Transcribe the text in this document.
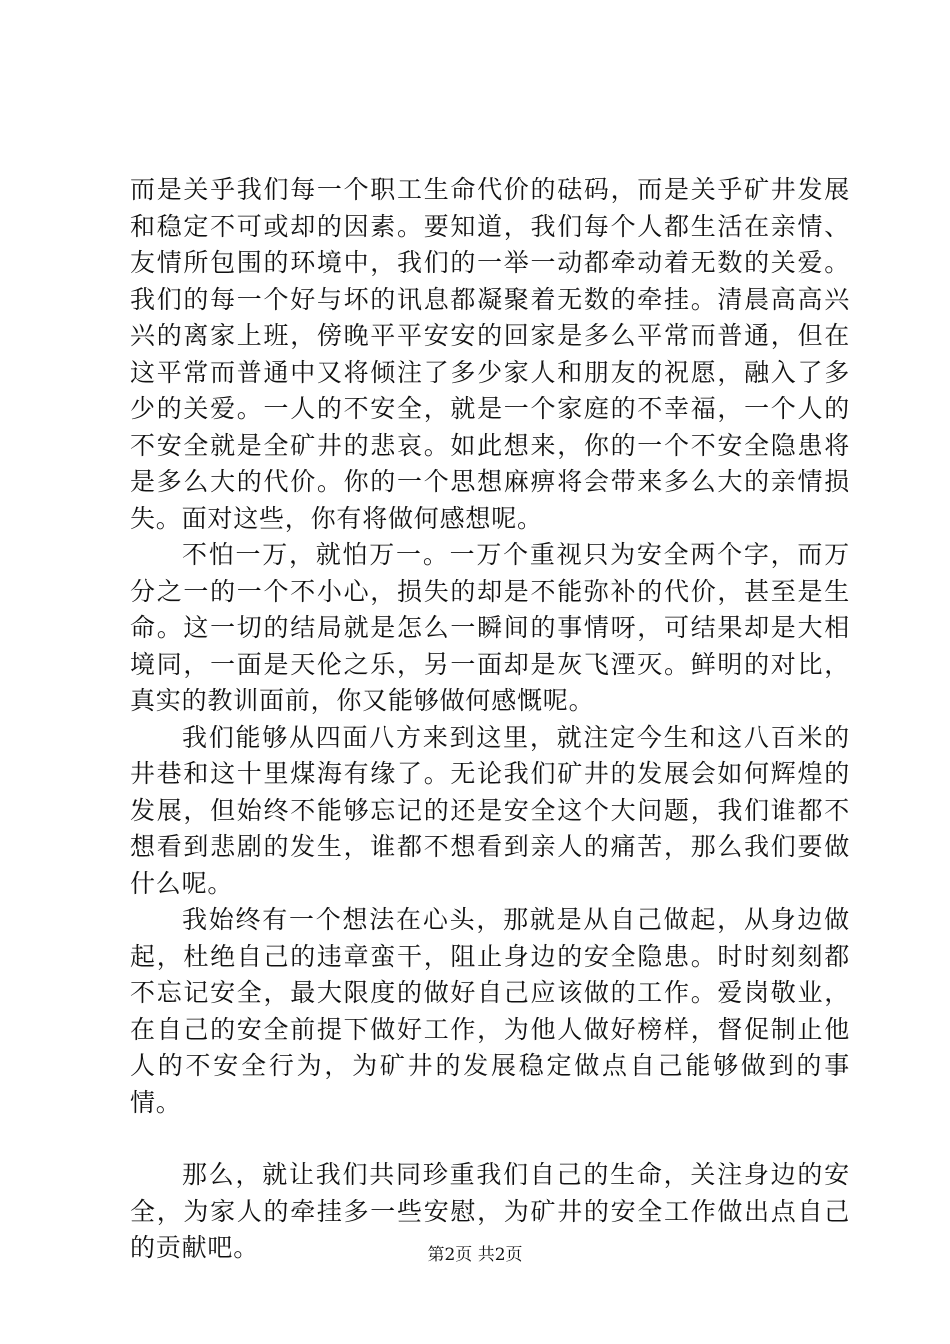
而是关乎我们每一个职工生命代价的砝码，而是关乎矿井发展和稳定不可或却的因素。要知道，我们每个人都生活在亲情、友情所包围的环境中，我们的一举一动都牵动着无数的关爱。我们的每一个好与坏的讯息都凝聚着无数的牵挂。清晨高高兴兴的离家上班，傍晚平平安安的回家是多么平常而普通，但在这平常而普通中又将倾注了多少家人和朋友的祝愿，融入了多少的关爱。一人的不安全，就是一个家庭的不幸福，一个人的不安全就是全矿井的悲哀。如此想来，你的一个不安全隐患将是多么大的代价。你的一个思想麻痹将会带来多么大的亲情损失。面对这些，你有将做何感想呢。

不怕一万，就怕万一。一万个重视只为安全两个字，而万分之一的一个不小心，损失的却是不能弥补的代价，甚至是生命。这一切的结局就是怎么一瞬间的事情呀，可结果却是大相境同，一面是天伦之乐，另一面却是灰飞湮灭。鲜明的对比，真实的教训面前，你又能够做何感慨呢。

我们能够从四面八方来到这里，就注定今生和这八百米的井巷和这十里煤海有缘了。无论我们矿井的发展会如何辉煌的发展，但始终不能够忘记的还是安全这个大问题，我们谁都不想看到悲剧的发生，谁都不想看到亲人的痛苦，那么我们要做什么呢。

我始终有一个想法在心头，那就是从自己做起，从身边做起，杜绝自己的违章蛮干，阻止身边的安全隐患。时时刻刻都不忘记安全，最大限度的做好自己应该做的工作。爱岗敬业，在自己的安全前提下做好工作，为他人做好榜样，督促制止他人的不安全行为，为矿井的发展稳定做点自己能够做到的事情。

那么，就让我们共同珍重我们自己的生命，关注身边的安全，为家人的牵挂多一些安慰，为矿井的安全工作做出点自己的贡献吧。	第2页 共2页
